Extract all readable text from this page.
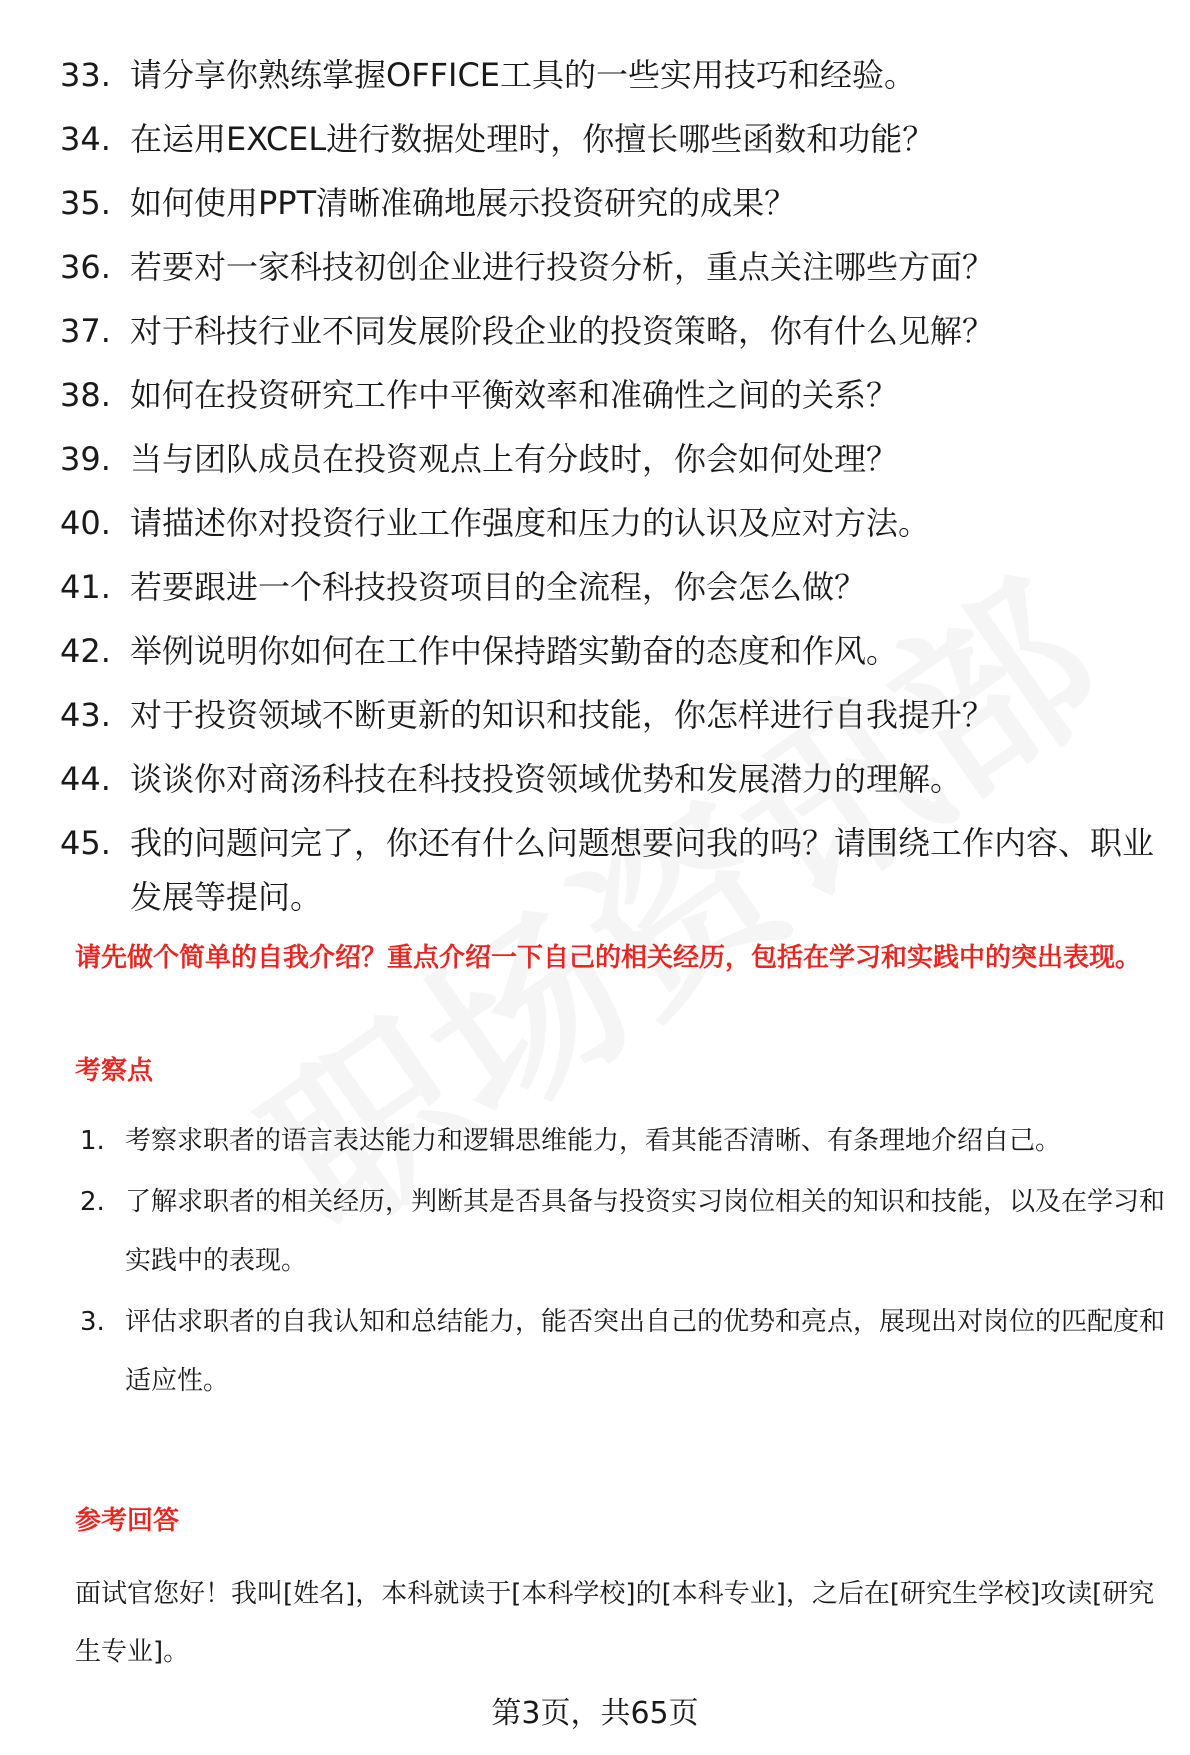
33. 请分享你熟练掌握OFFICE工具的一些实用技巧和经验。
34. 在运用EXCEL进行数据处理时，你擅长哪些函数和功能？
35. 如何使用PPT清晰准确地展示投资研究的成果？
36. 若要对一家科技初创企业进行投资分析，重点关注哪些方面？
37. 对于科技行业不同发展阶段企业的投资策略，你有什么见解？
38. 如何在投资研究工作中平衡效率和准确性之间的关系？
39. 当与团队成员在投资观点上有分歧时，你会如何处理？
40. 请描述你对投资行业工作强度和压力的认识及应对方法。
41. 若要跟进一个科技投资项目的全流程，你会怎么做？
42. 举例说明你如何在工作中保持踏实勤奋的态度和作风。
43. 对于投资领域不断更新的知识和技能，你怎样进行自我提升？
44. 谈谈你对商汤科技在科技投资领域优势和发展潜力的理解。
45. 我的问题问完了，你还有什么问题想要问我的吗？请围绕工作内容、职业发展等提问。
请先做个简单的自我介绍？重点介绍一下自己的相关经历，包括在学习和实践中的突出表现。
考察点
1. 考察求职者的语言表达能力和逻辑思维能力，看其能否清晰、有条理地介绍自己。
2. 了解求职者的相关经历，判断其是否具备与投资实习岗位相关的知识和技能，以及在学习和实践中的表现。
3. 评估求职者的自我认知和总结能力，能否突出自己的优势和亮点，展现出对岗位的匹配度和适应性。
参考回答
面试官您好！我叫[姓名]，本科就读于[本科学校]的[本科专业]，之后在[研究生学校]攻读[研究生专业]。
第3页，共65页
